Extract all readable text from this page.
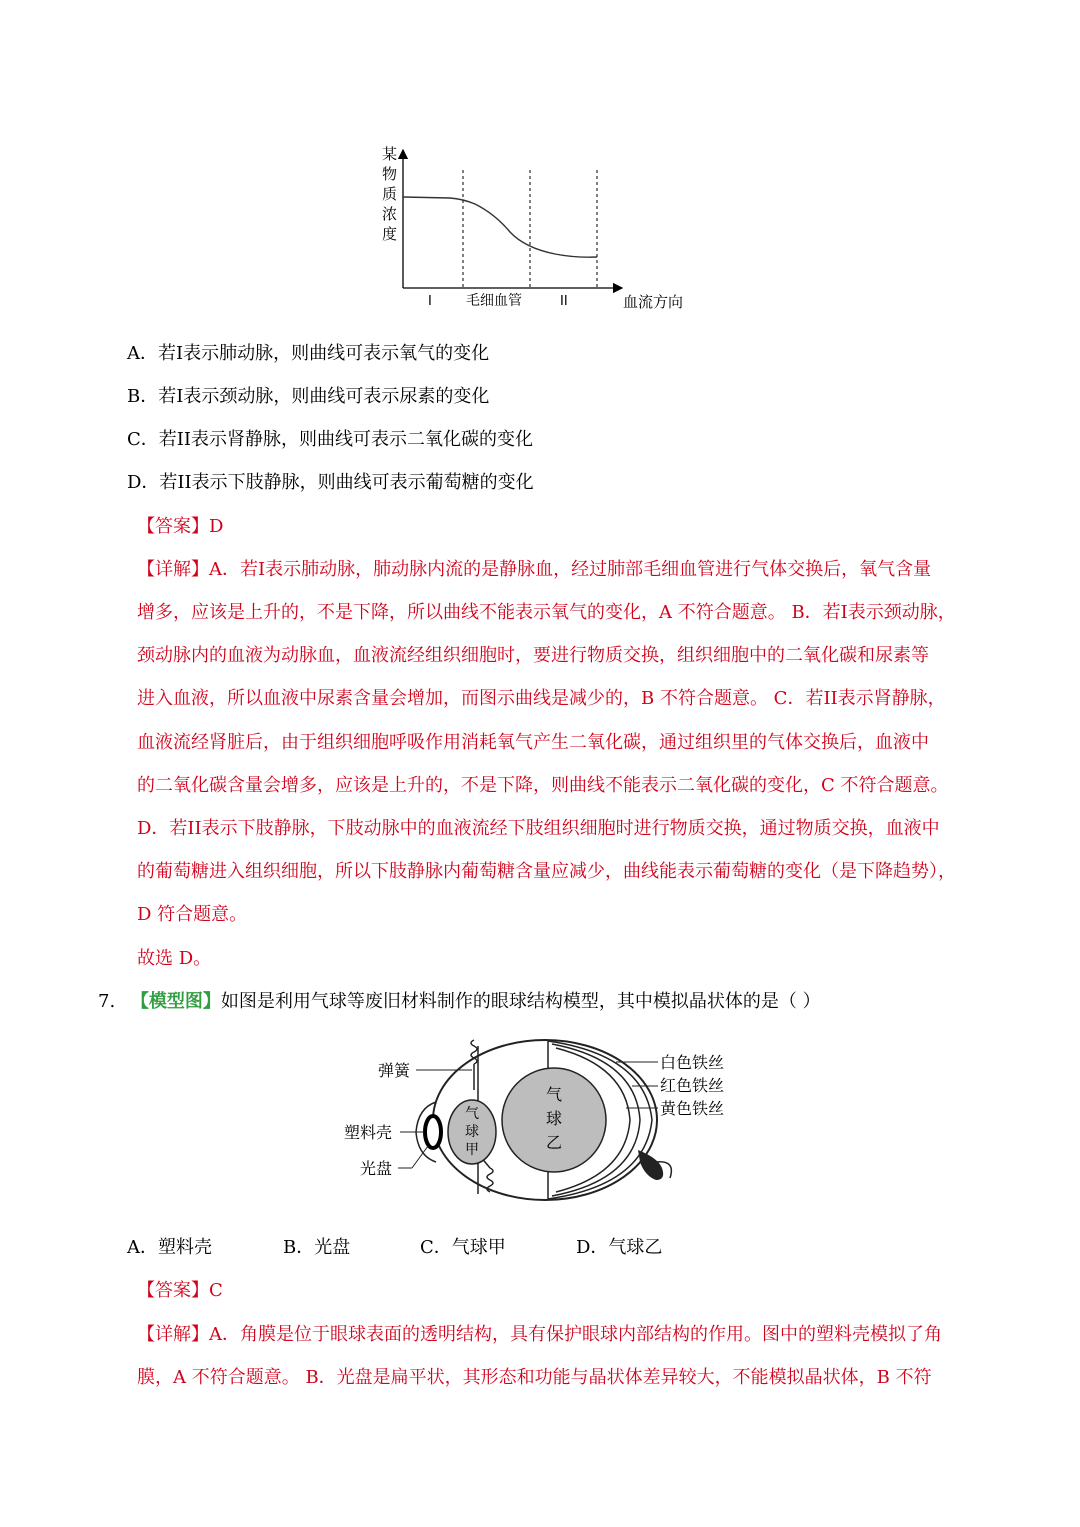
某
物
质
浓
度
I 毛细血管	II	血流方向
A．若I表示肺动脉，则曲线可表示氧气的变化
B．若I表示颈动脉，则曲线可表示尿素的变化
C．若II表示肾静脉，则曲线可表示二氧化碳的变化
D．若II表示下肢静脉，则曲线可表示葡萄糖的变化
【答案】D
【详解】A．若I表示肺动脉，肺动脉内流的是静脉血，经过肺部毛细血管进行气体交换后，氧气含量
增多，应该是上升的，不是下降，所以曲线不能表示氧气的变化，A 不符合题意。 B．若I表示颈动脉，
颈动脉内的血液为动脉血，血液流经组织细胞时，要进行物质交换，组织细胞中的二氧化碳和尿素等
进入血液，所以血液中尿素含量会增加，而图示曲线是减少的，B 不符合题意。 C．若II表示肾静脉，
血液流经肾脏后，由于组织细胞呼吸作用消耗氧气产生二氧化碳，通过组织里的气体交换后，血液中
的二氧化碳含量会增多，应该是上升的，不是下降，则曲线不能表示二氧化碳的变化，C 不符合题意。
D．若II表示下肢静脉，下肢动脉中的血液流经下肢组织细胞时进行物质交换，通过物质交换，血液中
的葡萄糖进入组织细胞，所以下肢静脉内葡萄糖含量应减少，曲线能表示葡萄糖的变化（是下降趋势），
D 符合题意。
故选 D。
7. 【模型图】如图是利用气球等废旧材料制作的眼球结构模型，其中模拟晶状体的是（ ）
气
球
甲
气
球
乙
弹簧
塑料壳
光盘
白色铁丝
红色铁丝
黄色铁丝
A．塑料壳	B．光盘	C．气球甲	D．气球乙
【答案】C
【详解】A．角膜是位于眼球表面的透明结构，具有保护眼球内部结构的作用。图中的塑料壳模拟了角
膜，A 不符合题意。 B．光盘是扁平状，其形态和功能与晶状体差异较大，不能模拟晶状体，B 不符
